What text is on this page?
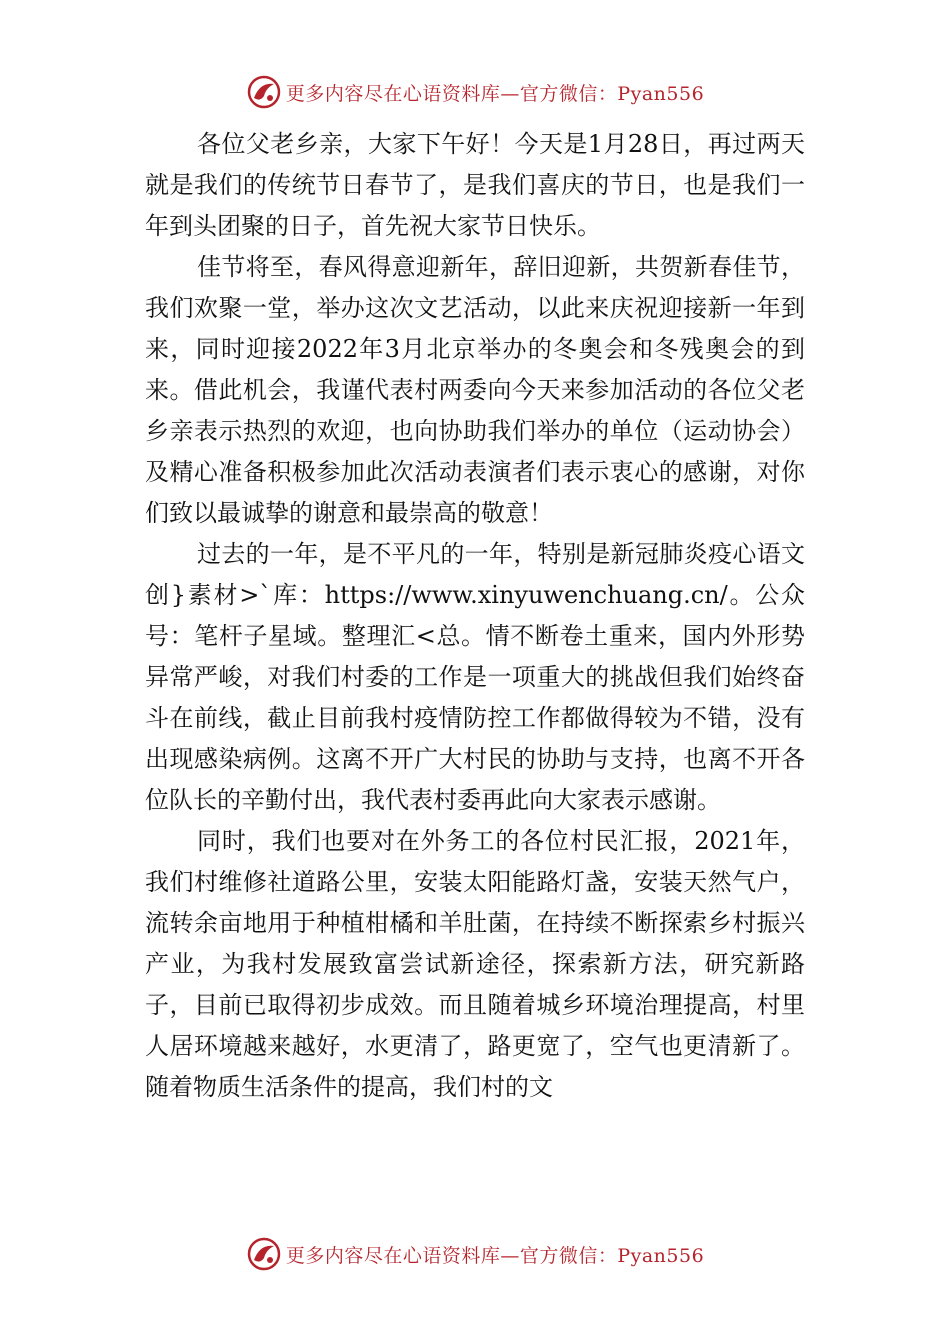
更多内容尽在心语资料库—官方微信：Pyan556

各位父老乡亲，大家下午好！今天是1月28日，再过两天就是我们的传统节日春节了，是我们喜庆的节日，也是我们一年到头团聚的日子，首先祝大家节日快乐。

佳节将至，春风得意迎新年，辞旧迎新，共贺新春佳节，我们欢聚一堂，举办这次文艺活动，以此来庆祝迎接新一年到来，同时迎接2022年3月北京举办的冬奥会和冬残奥会的到来。借此机会，我谨代表村两委向今天来参加活动的各位父老乡亲表示热烈的欢迎，也向协助我们举办的单位（运动协会）及精心准备积极参加此次活动表演者们表示衷心的感谢，对你们致以最诚挚的谢意和最崇高的敬意！

过去的一年，是不平凡的一年，特别是新冠肺炎疫心语文创}素材>`库：https://www.xinyuwenchuang.cn/。公众号：笔杆子星域。整理汇<总。情不断卷土重来，国内外形势异常严峻，对我们村委的工作是一项重大的挑战但我们始终奋斗在前线，截止目前我村疫情防控工作都做得较为不错，没有出现感染病例。这离不开广大村民的协助与支持，也离不开各位队长的辛勤付出，我代表村委再此向大家表示感谢。

同时，我们也要对在外务工的各位村民汇报，2021年，我们村维修社道路公里，安装太阳能路灯盏，安装天然气户，流转余亩地用于种植柑橘和羊肚菌，在持续不断探索乡村振兴产业，为我村发展致富尝试新途径，探索新方法，研究新路子，目前已取得初步成效。而且随着城乡环境治理提高，村里人居环境越来越好，水更清了，路更宽了，空气也更清新了。随着物质生活条件的提高，我们村的文

更多内容尽在心语资料库—官方微信：Pyan556
